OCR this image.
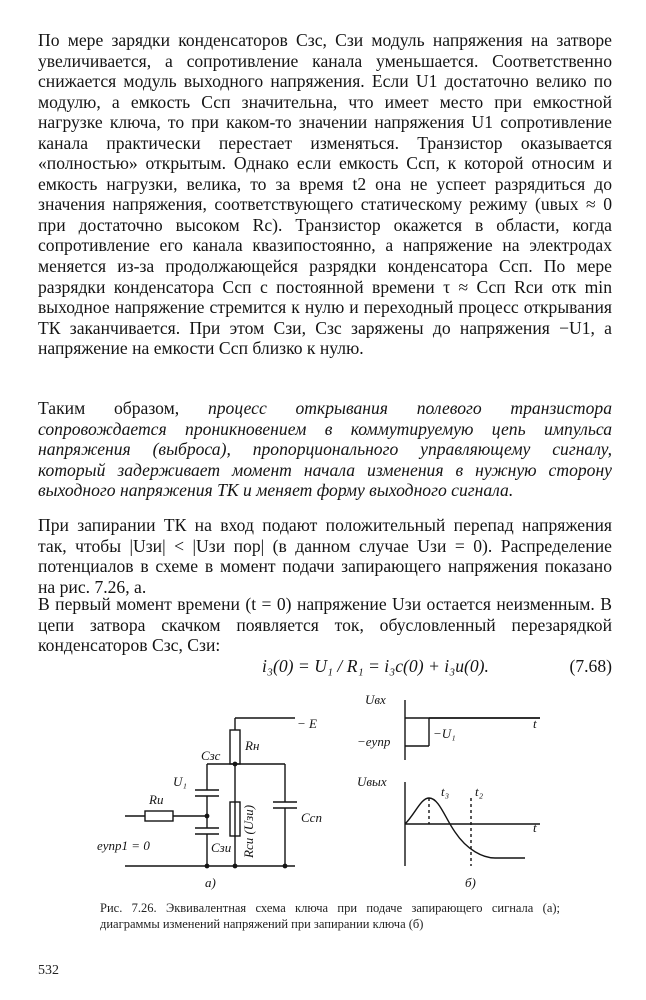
По мере зарядки конденсаторов Сзс, Сзи модуль напряжения на затворе увеличивается, а сопротивление канала уменьшается. Соответственно снижается модуль выходного напряжения. Если U1 достаточно велико по модулю, а емкость Ссп значительна, что имеет место при емкостной нагрузке ключа, то при каком-то значении напряжения U1 сопротивление канала практически перестает изменяться. Транзистор оказывается «полностью» открытым. Однако если емкость Ссп, к которой относим и емкость нагрузки, велика, то за время t2 она не успеет разрядиться до значения напряжения, соответствующего статическому режиму (uвых ≈ 0 при достаточно высоком Rс). Транзистор окажется в области, когда сопротивление его канала квазипостоянно, а напряжение на электродах меняется из-за продолжающейся разрядки конденсатора Ссп. По мере разрядки конденсатора Ссп с постоянной времени τ ≈ Ссп Rси отк min выходное напряжение стремится к нулю и переходный процесс открывания ТК заканчивается. При этом Сзи, Сзс заряжены до напряжения −U1, а напряжение на емкости Ссп близко к нулю.

Таким образом, процесс открывания полевого транзистора сопровождается проникновением в коммутируемую цепь импульса напряжения (выброса), пропорционального управляющему сигналу, который задерживает момент начала изменения в нужную сторону выходного напряжения ТК и меняет форму выходного сигнала.

При запирании ТК на вход подают положительный перепад напряжения так, чтобы |Uзи| < |Uзи пор| (в данном случае Uзи = 0). Распределение потенциалов в схеме в момент подачи запирающего напряжения показано на рис. 7.26, а.

В первый момент времени (t = 0) напряжение Uзи остается неизменным. В цепи затвора скачком появляется ток, обусловленный перезарядкой конденсаторов Сзс, Сзи:

i₃(0) = U₁ / R₁ = i₃с(0) + i₃и(0).	(7.68)
− E
Rн
Cзс
U₁
Rи
Rси (Uзи)	Cсп
Cзи
eупр1 = 0
а)
Uвх
−eупр
−U₁
t
Uвых
t₃ t₂
t
б)
Рис. 7.26. Эквивалентная схема ключа при подаче запирающего сигнала (а); диаграммы изменений напряжений при запирании ключа (б)
532
